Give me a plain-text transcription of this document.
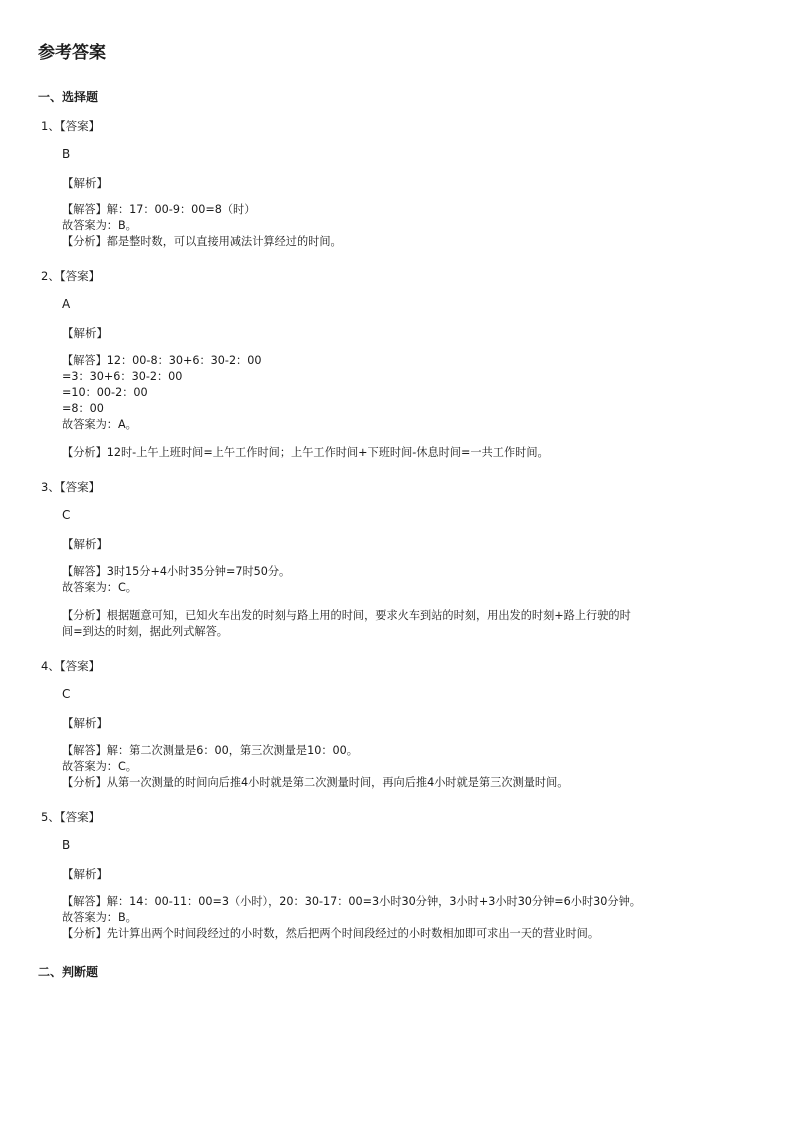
参考答案
一、选择题
1、【答案】
B
【解析】
【解答】解：17：00-9：00=8（时）
故答案为：B。
【分析】都是整时数，可以直接用减法计算经过的时间。
2、【答案】
A
【解析】
【解答】12：00-8：30+6：30-2：00
=3：30+6：30-2：00
=10：00-2：00
=8：00
故答案为：A。
【分析】12时-上午上班时间=上午工作时间；上午工作时间+下班时间-休息时间=一共工作时间。
3、【答案】
C
【解析】
【解答】3时15分+4小时35分钟=7时50分。
故答案为：C。
【分析】根据题意可知，已知火车出发的时刻与路上用的时间，要求火车到站的时刻，用出发的时刻+路上行驶的时
间=到达的时刻，据此列式解答。
4、【答案】
C
【解析】
【解答】解：第二次测量是6：00，第三次测量是10：00。
故答案为：C。
【分析】从第一次测量的时间向后推4小时就是第二次测量时间，再向后推4小时就是第三次测量时间。
5、【答案】
B
【解析】
【解答】解：14：00-11：00=3（小时），20：30-17：00=3小时30分钟，3小时+3小时30分钟=6小时30分钟。
故答案为：B。
【分析】先计算出两个时间段经过的小时数，然后把两个时间段经过的小时数相加即可求出一天的营业时间。
二、判断题
